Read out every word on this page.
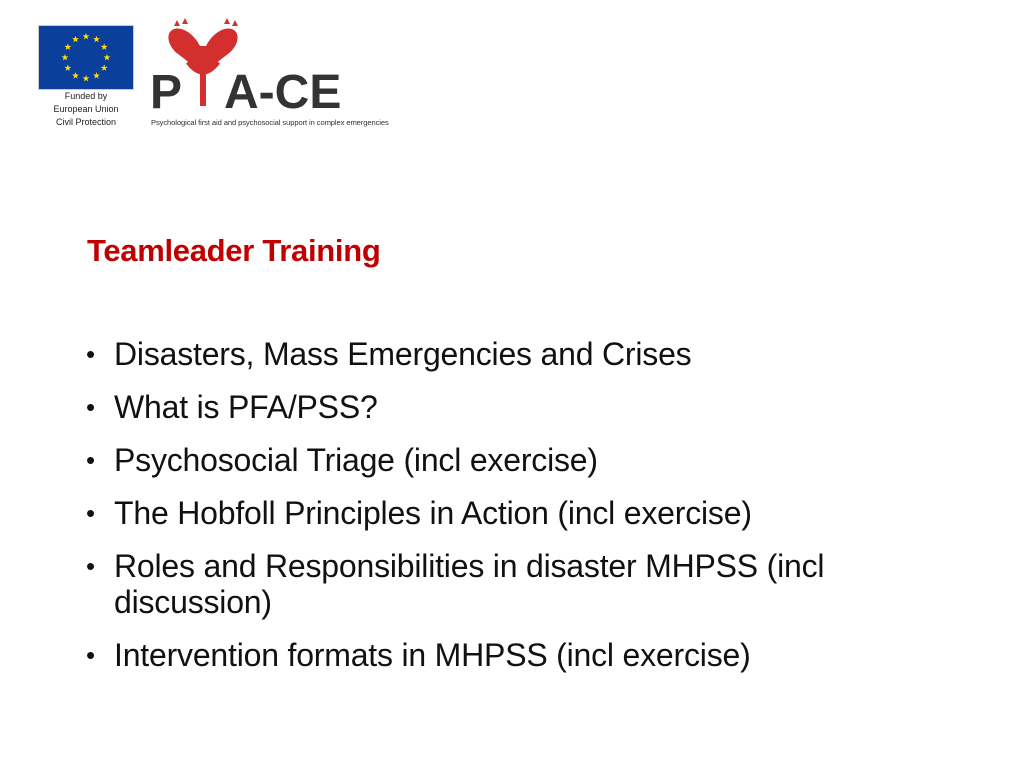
Funded by
European Union
Civil Protection
P A-CE
Psychological first aid and psychosocial support in complex emergencies
Teamleader Training
• Disasters, Mass Emergencies and Crises
• What is PFA/PSS?
• Psychosocial Triage (incl exercise)
• The Hobfoll Principles in Action (incl exercise)
• Roles and Responsibilities in disaster MHPSS (incl discussion)
• Intervention formats in MHPSS (incl exercise)
